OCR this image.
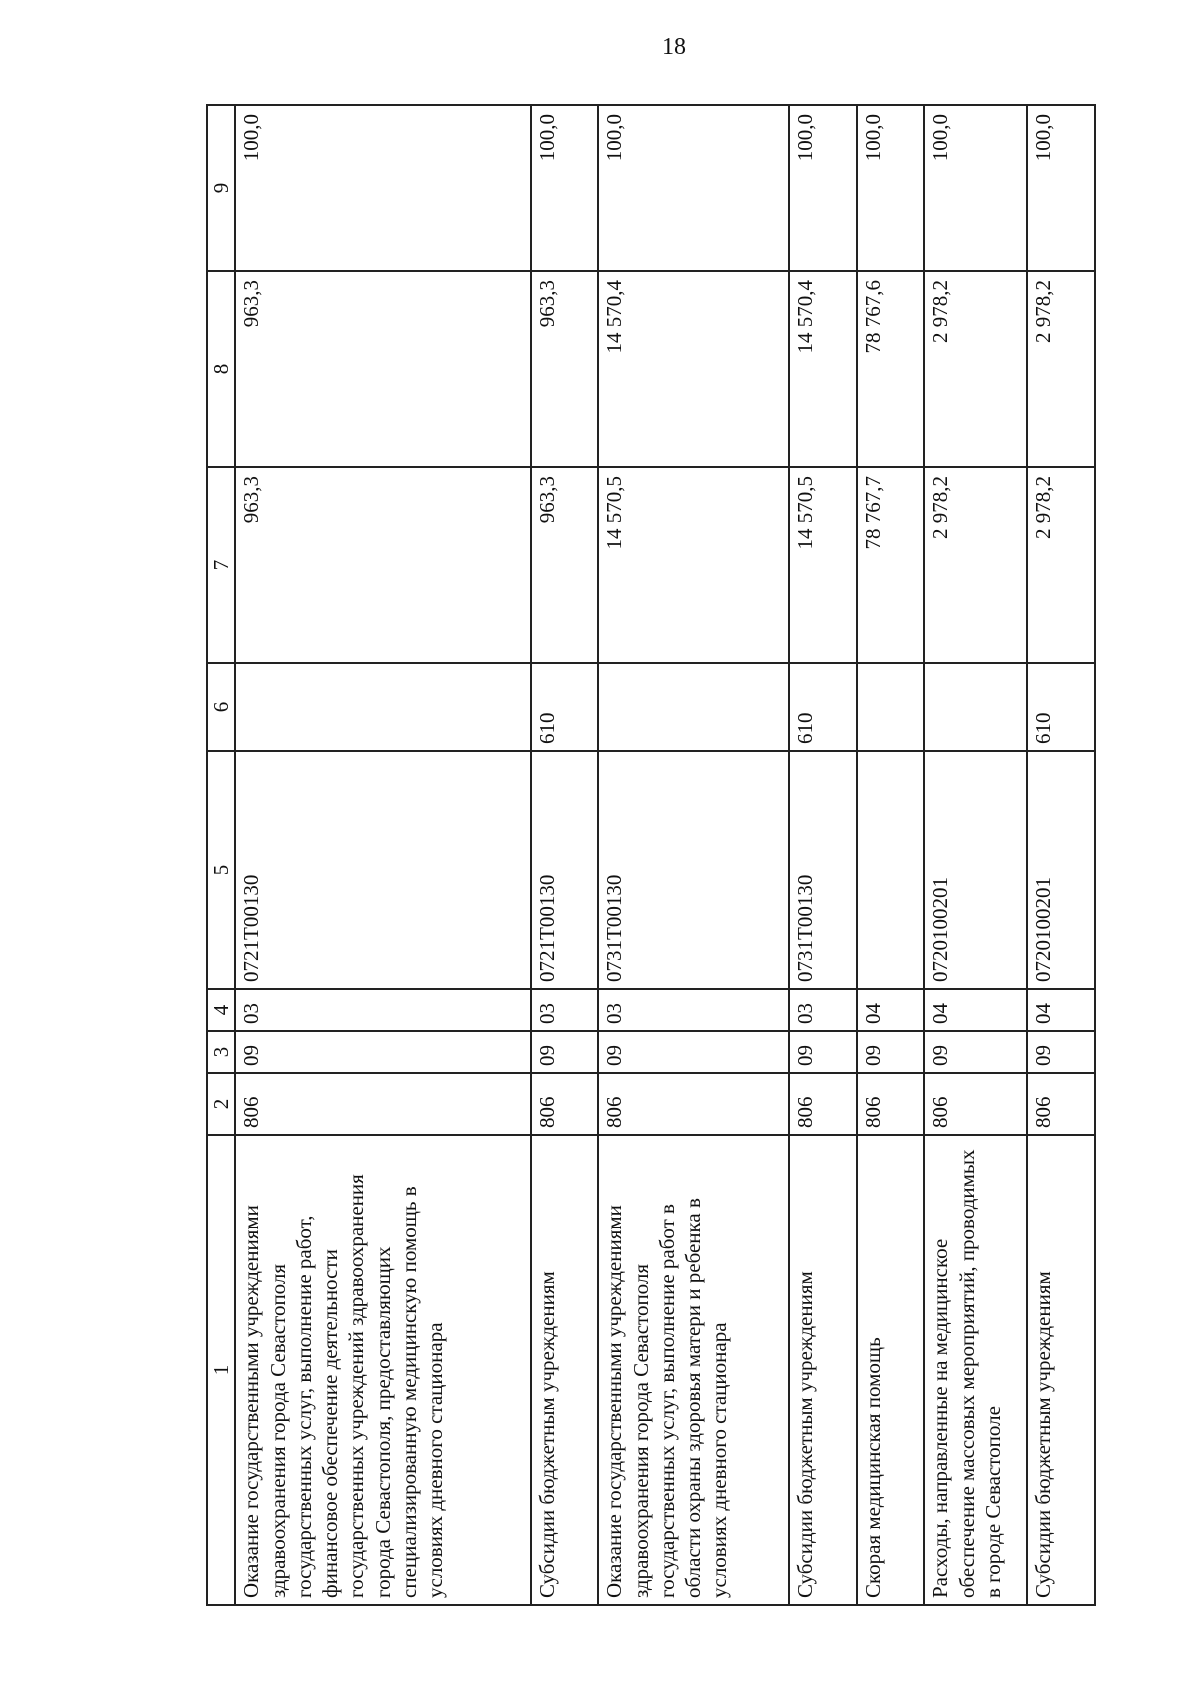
18
1	2	3	4	5	6	7	8	9
Оказание государственными учреждениями здравоохранения города Севастополя государственных услуг, выполнение работ, финансовое обеспечение деятельности государственных учреждений здравоохранения города Севастополя, предоставляющих специализированную медицинскую помощь в условиях дневного стационара	806	09	03	0721Т00130		963,3	963,3	100,0
Субсидии бюджетным учреждениям	806	09	03	0721Т00130	610	963,3	963,3	100,0
Оказание государственными учреждениями здравоохранения города Севастополя государственных услуг, выполнение работ в области охраны здоровья матери и ребенка в условиях дневного стационара	806	09	03	0731Т00130		14 570,5	14 570,4	100,0
Субсидии бюджетным учреждениям	806	09	03	0731Т00130	610	14 570,5	14 570,4	100,0
Скорая медицинская помощь	806	09	04			78 767,7	78 767,6	100,0
Расходы, направленные на медицинское обеспечение массовых мероприятий, проводимых в городе Севастополе	806	09	04	0720100201		2 978,2	2 978,2	100,0
Субсидии бюджетным учреждениям	806	09	04	0720100201	610	2 978,2	2 978,2	100,0
